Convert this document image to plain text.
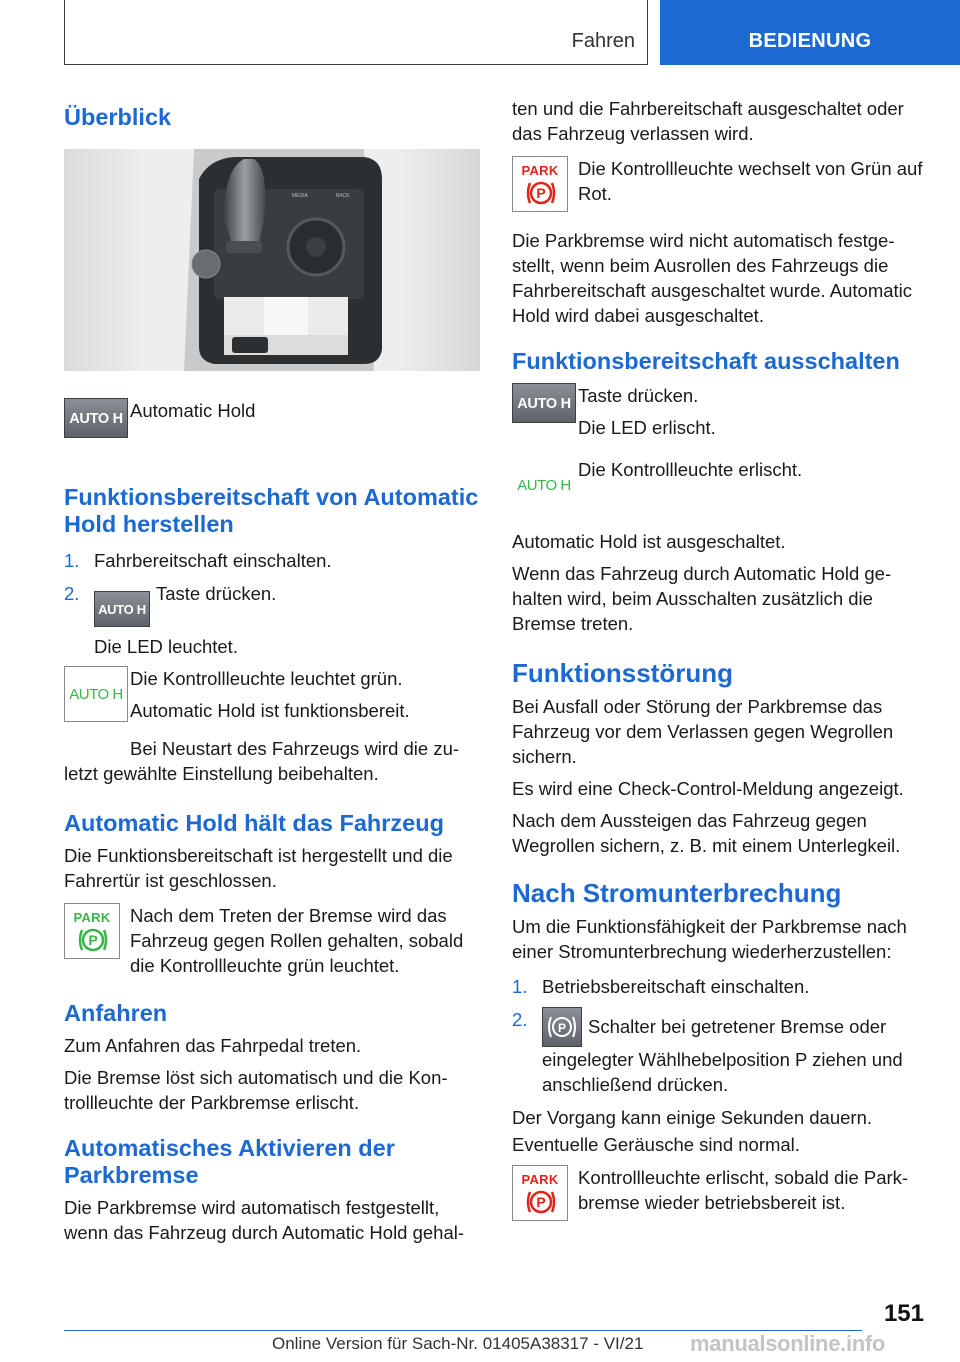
Fahren	BEDIENUNG
Überblick
MEDIA	BACK
AUTO H Automatic Hold

Funktionsbereitschaft von Automatic Hold herstellen
1. Fahrbereitschaft einschalten.

2.

AUTO HTaste drücken.

Die LED leuchtet.

AUTO H

Die Kontrollleuchte leuchtet grün.

Automatic Hold ist funktionsbereit.

Bei Neustart des Fahrzeugs wird die zuletzt gewählte Einstellung beibehalten.

Automatic Hold hält das Fahrzeug

Die Funktionsbereitschaft ist hergestellt und die Fahrertür ist geschlossen.

PARK
P

Nach dem Treten der Bremse wird das Fahrzeug gegen Rollen gehalten, sobald die Kontrollleuchte grün leuchtet.

Anfahren

Zum Anfahren das Fahrpedal treten.

Die Bremse löst sich automatisch und die Kontrollleuchte der Parkbremse erlischt.

Automatisches Aktivieren der Parkbremse

Die Parkbremse wird automatisch festgestellt, wenn das Fahrzeug durch Automatic Hold gehal-

ten und die Fahrbereitschaft ausgeschaltet oder das Fahrzeug verlassen wird.

PARK
P

Die Kontrollleuchte wechselt von Grün auf Rot.

Die Parkbremse wird nicht automatisch festgestellt, wenn beim Ausrollen des Fahrzeugs die Fahrbereitschaft ausgeschaltet wurde. Automatic Hold wird dabei ausgeschaltet.

Funktionsbereitschaft ausschalten
AUTO H Taste drücken.

Die LED erlischt.

AUTO H

Die Kontrollleuchte erlischt.

Automatic Hold ist ausgeschaltet.

Wenn das Fahrzeug durch Automatic Hold gehalten wird, beim Ausschalten zusätzlich die Bremse treten.

Funktionsstörung

Bei Ausfall oder Störung der Parkbremse das Fahrzeug vor dem Verlassen gegen Wegrollen sichern.

Es wird eine Check-Control-Meldung angezeigt.

Nach dem Aussteigen das Fahrzeug gegen Wegrollen sichern, z. B. mit einem Unterlegkeil.

Nach Stromunterbrechung

Um die Funktionsfähigkeit der Parkbremse nach einer Stromunterbrechung wiederherzustellen:

1. Betriebsbereitschaft einschalten.

2.	P Schalter bei getretener Bremse oder eingelegter Wählhebelposition P ziehen und anschließend drücken.

Der Vorgang kann einige Sekunden dauern.

Eventuelle Geräusche sind normal.

PARK
P

Kontrollleuchte erlischt, sobald die Parkbremse wieder betriebsbereit ist.

151
Online Version für Sach-Nr. 01405A38317 - VI/21 manualsonline.info
